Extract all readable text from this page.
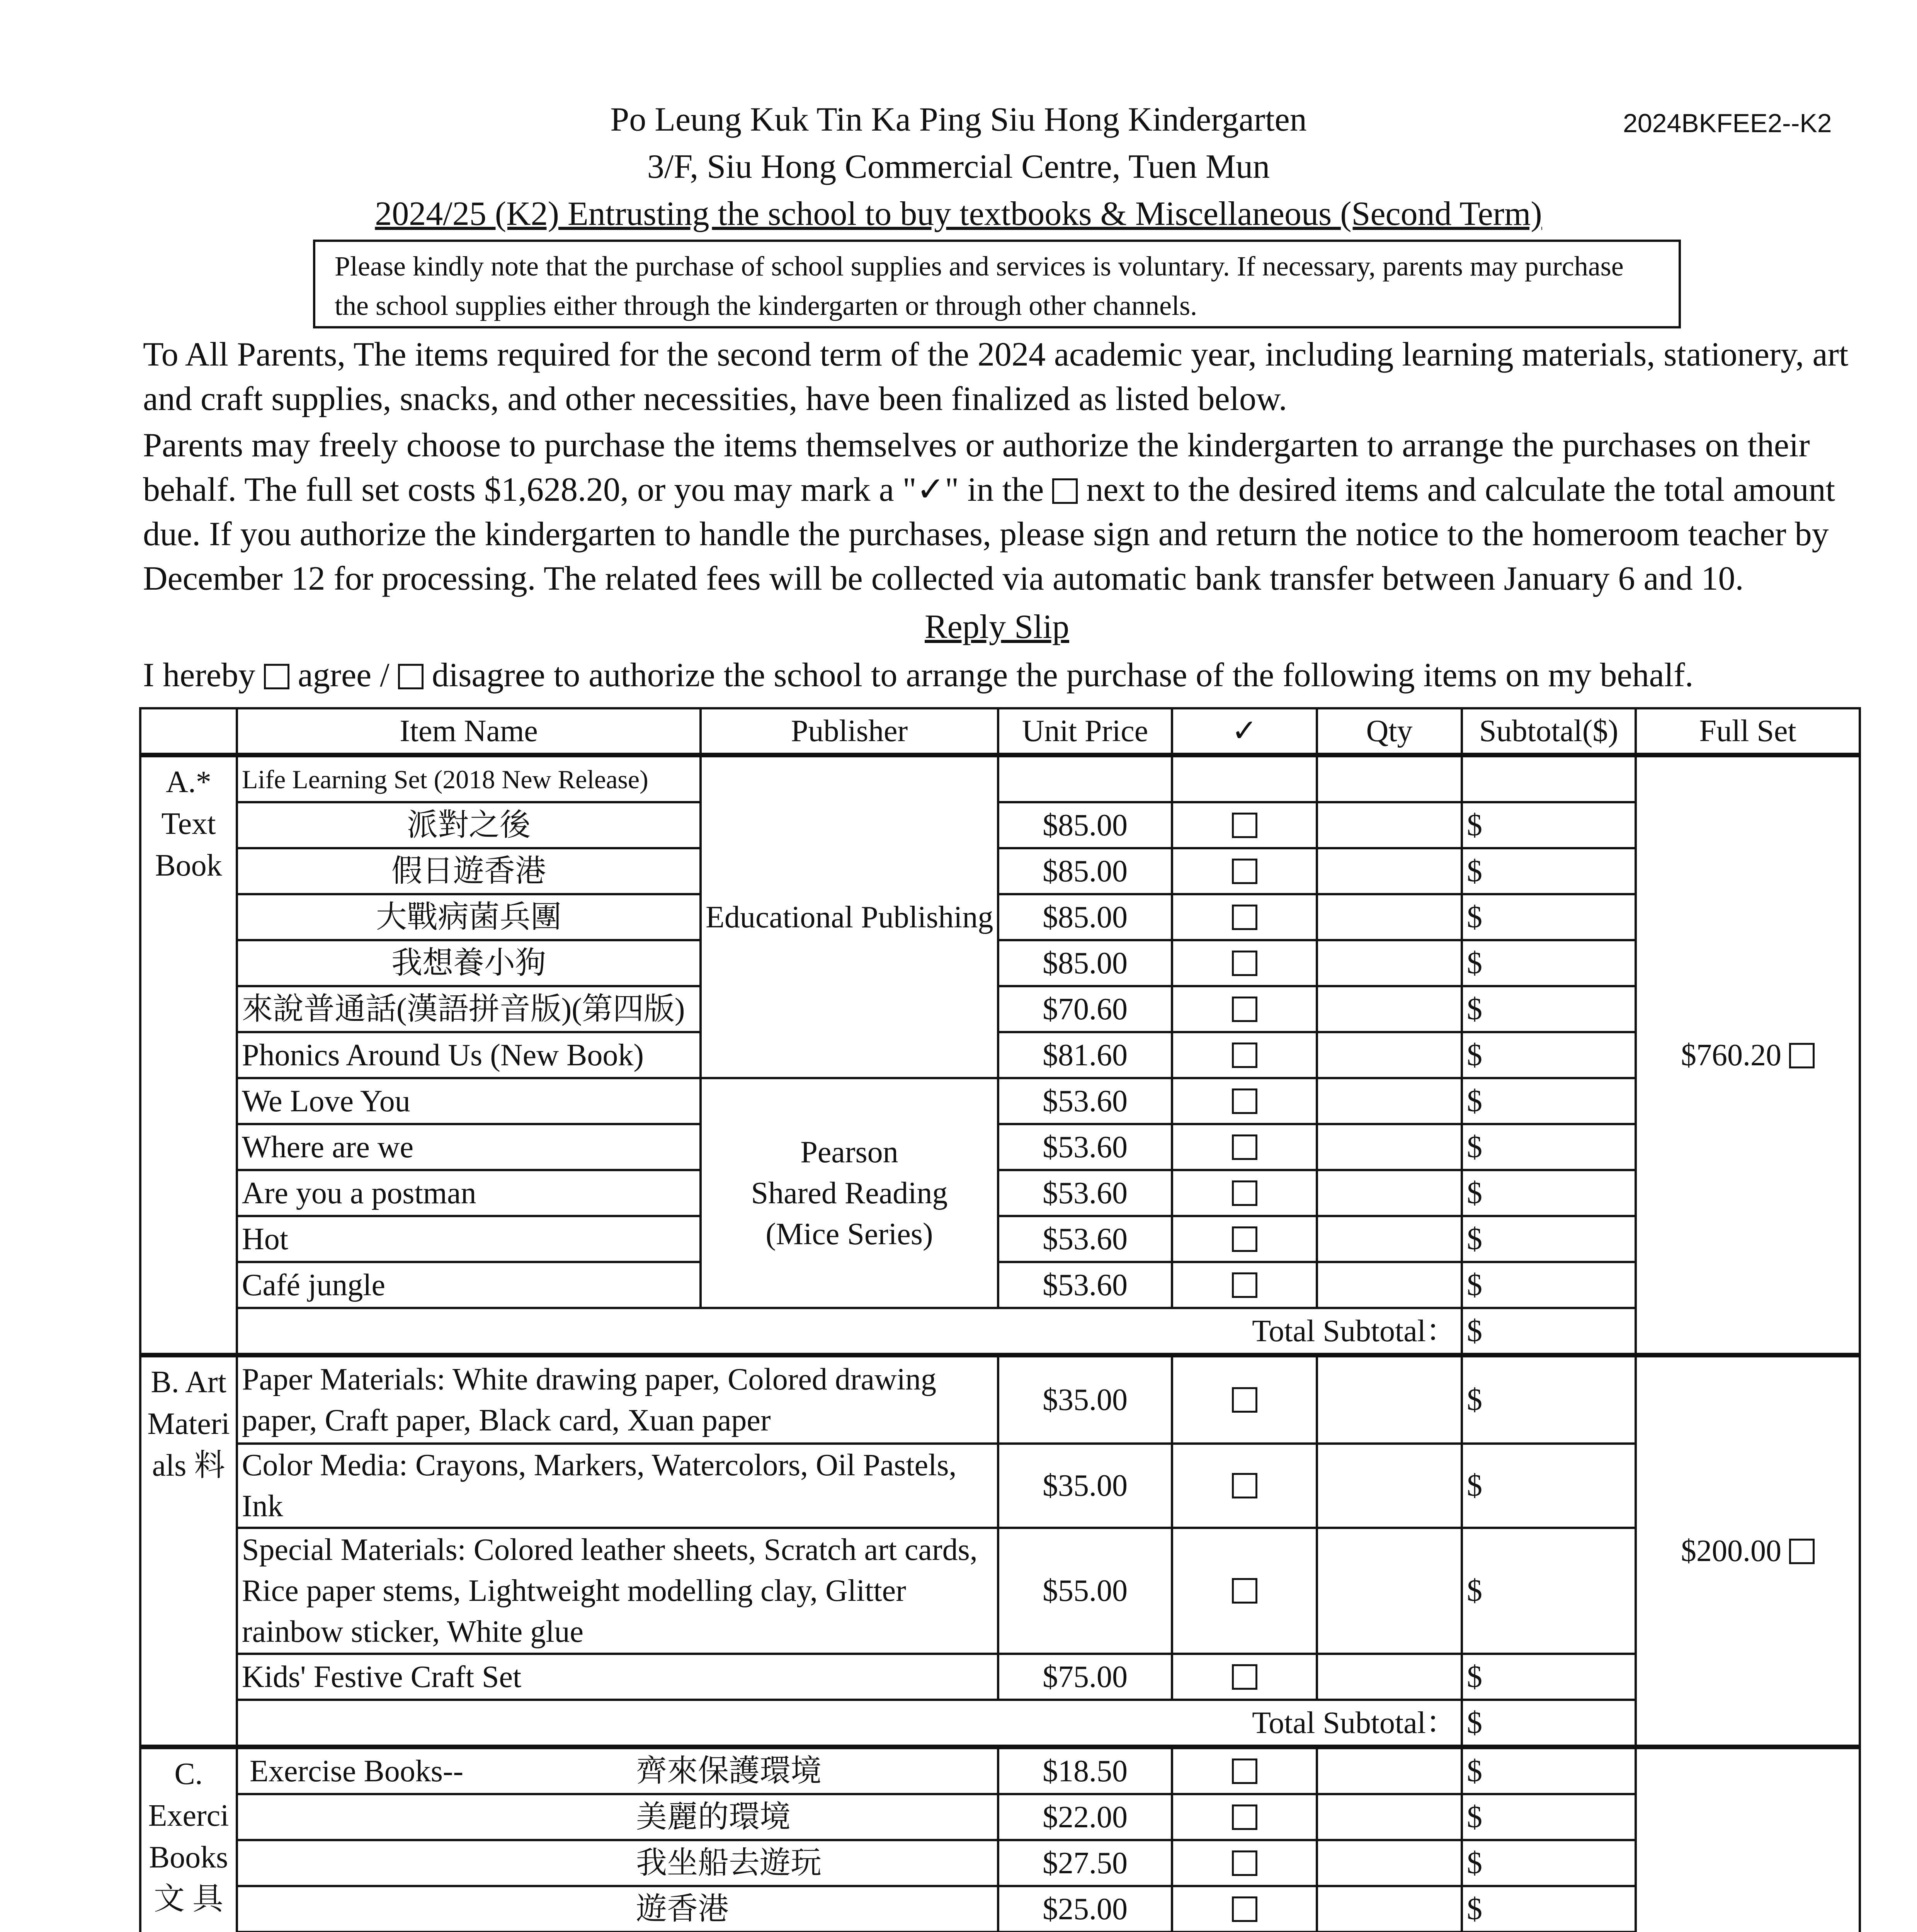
Po Leung Kuk Tin Ka Ping Siu Hong Kindergarten
3/F, Siu Hong Commercial Centre, Tuen Mun
2024/25 (K2) Entrusting the school to buy textbooks & Miscellaneous (Second Term)
2024BKFEE2--K2
Please kindly note that the purchase of school supplies and services is voluntary. If necessary, parents may purchase the school supplies either through the kindergarten or through other channels.
To All Parents, The items required for the second term of the 2024 academic year, including learning materials, stationery, art and craft supplies, snacks, and other necessities, have been finalized as listed below.
Parents may freely choose to purchase the items themselves or authorize the kindergarten to arrange the purchases on their behalf. The full set costs $1,628.20, or you may mark a "✓" in the next to the desired items and calculate the total amount due. If you authorize the kindergarten to handle the purchases, please sign and return the notice to the homeroom teacher by December 12 for processing. The related fees will be collected via automatic bank transfer between January 6 and 10.
Reply Slip
I hereby agree / disagree to authorize the school to arrange the purchase of the following items on my behalf.
	Item Name	Publisher	Unit Price	✓	Qty	Subtotal($)	Full Set

A.* Text Book	Life Learning Set (2018 New Release)	Educational Publishing					$760.20
	派對之後		$85.00			$	
	假日遊香港		$85.00			$	
	大戰病菌兵團		$85.00			$	
	我想養小狗		$85.00			$	
	來說普通話(漢語拼音版)(第四版)		$70.60			$	
	Phonics Around Us (New Book)		$81.60			$	
	We Love You	Pearson
Shared Reading
(Mice Series)	$53.60			$	
	Where are we		$53.60			$	
	Are you a postman		$53.60			$	
	Hot		$53.60			$	
	Café jungle		$53.60			$	
	Total Subtotal：					$	

B. Art Materi als 料	Paper Materials: White drawing paper, Colored drawing paper, Craft paper, Black card, Xuan paper		$35.00			$	$200.00
	Color Media: Crayons, Markers, Watercolors, Oil Pastels, Ink		$35.00			$	
	Special Materials: Colored leather sheets, Scratch art cards, Rice paper stems, Lightweight modelling clay, Glitter rainbow sticker, White glue		$55.00			$	
	Kids' Festive Craft Set		$75.00			$	
	Total Subtotal：					$	

C. Exerci Books 文 具	Exercise Books-- 齊來保護環境		$18.50			$	
	美麗的環境		$22.00			$	
	我坐船去遊玩		$27.50			$	
	遊香港		$25.00			$	
